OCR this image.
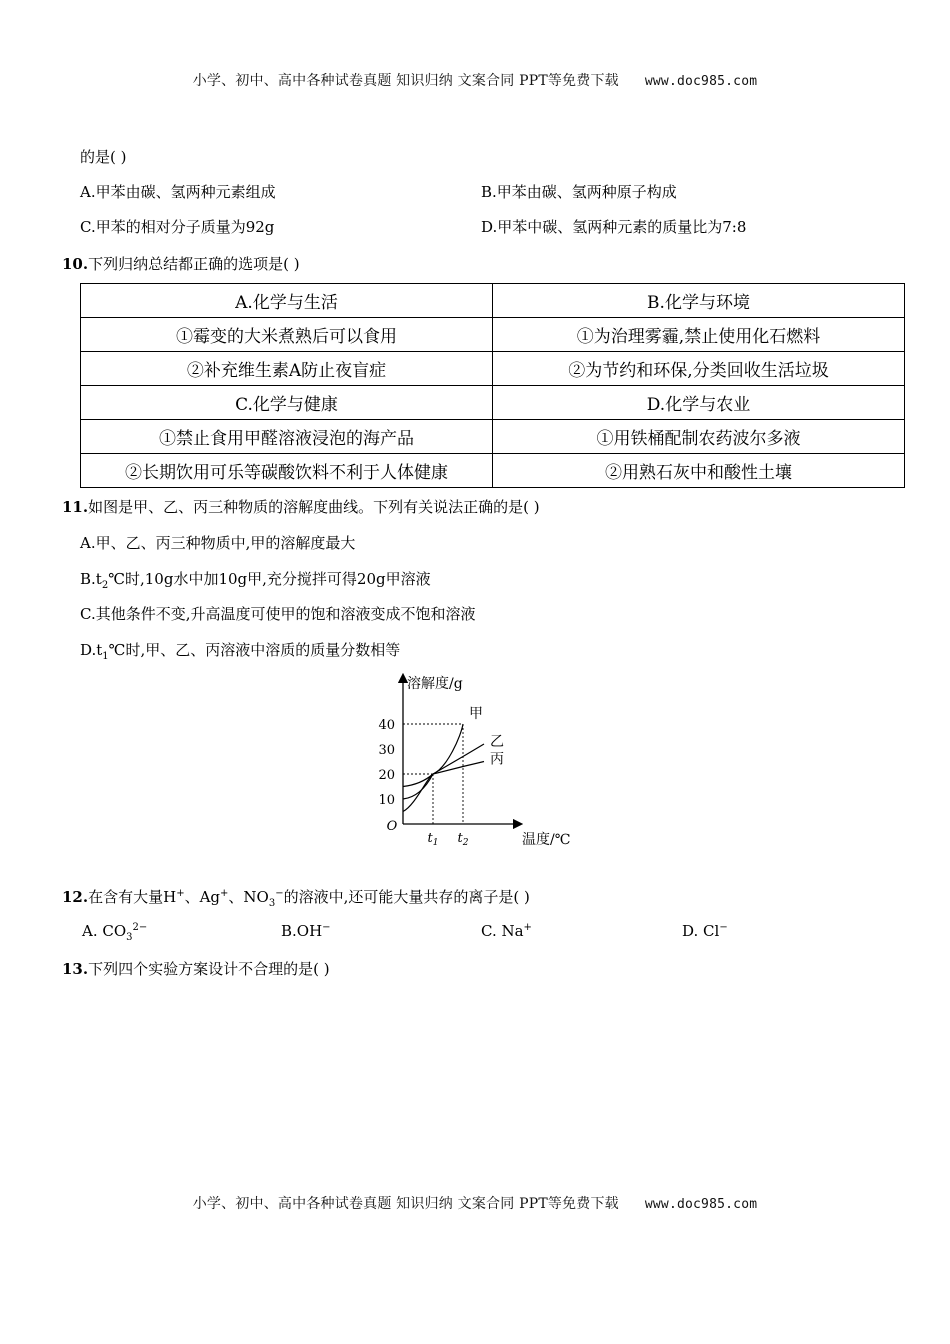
小学、初中、高中各种试卷真题 知识归纳 文案合同 PPT等免费下载 www.doc985.com
的是( )
A.甲苯由碳、氢两种元素组成	B.甲苯由碳、氢两种原子构成
C.甲苯的相对分子质量为92g	D.甲苯中碳、氢两种元素的质量比为7:8
10.下列归纳总结都正确的选项是( )
A.化学与生活	B.化学与环境
①霉变的大米煮熟后可以食用	①为治理雾霾,禁止使用化石燃料
②补充维生素A防止夜盲症	②为节约和环保,分类回收生活垃圾
C.化学与健康	D.化学与农业
①禁止食用甲醛溶液浸泡的海产品	①用铁桶配制农药波尔多液
②长期饮用可乐等碳酸饮料不利于人体健康	②用熟石灰中和酸性土壤
11.如图是甲、乙、丙三种物质的溶解度曲线。下列有关说法正确的是( )
A.甲、乙、丙三种物质中,甲的溶解度最大
$B.t_2℃$时,10g水中加10g甲,充分搅拌可得20g甲溶液
C.其他条件不变,升高温度可使甲的饱和溶液变成不饱和溶液
$D.t_1℃$时,甲、乙、丙溶液中溶质的质量分数相等
溶解度/g
温度/℃
O
10
20
30
40
$t_1$ $t_2$
甲
乙
丙
12.在含有大量H+、Ag+、$NO_3^-$的溶液中,还可能大量共存的离子是( )
A. $CO_3^{2-}$	B.OH−	C. Na+	D. Cl−
13.下列四个实验方案设计不合理的是( )
小学、初中、高中各种试卷真题 知识归纳 文案合同 PPT等免费下载 www.doc985.com
